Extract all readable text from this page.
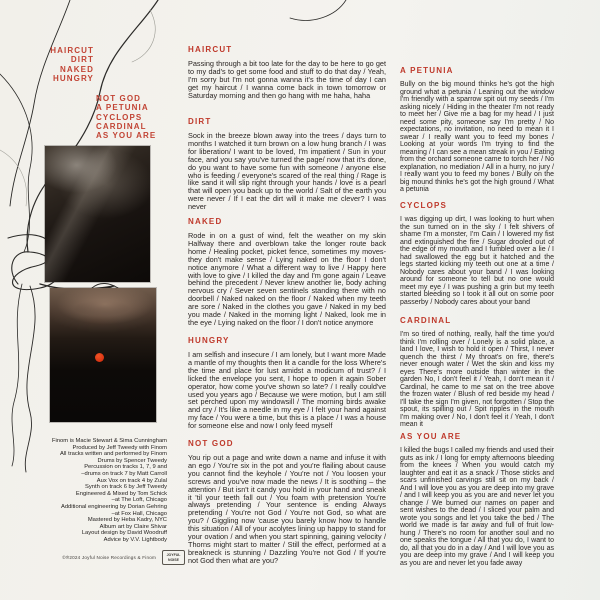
HAIRCUT
DIRT
NAKED
HUNGRY
NOT GOD
A PETUNIA
CYCLOPS
CARDINAL
AS YOU ARE
HAIRCUT

Passing through a bit too late for the day to be here to go get to my dad's to get some food and stuff to do that day / Yeah, I'm sorry but I'm not gonna wanna it's the time of day I can get my haircut / I wanna come back in town tomorrow or Saturday morning and then go hang with me haha, haha

DIRT

Sock in the breeze blown away into the trees / days turn to months I watched it turn brown on a low hung branch / I was for liberation/ I want to be loved, I'm impatient / Sun in your face, and you say you've turned the page/ now that it's done, do you want to have some fun with someone / anyone else who is feeding / everyone's scared of the real thing / Rage is like sand it will slip right through your hands / love is a pearl that will open you back up to the world / Salt of the earth you were never / If I eat the dirt will it make me clever? I was never

NAKED

Rode in on a gust of wind, felt the weather on my skin Halfway there and overblown take the longer route back home / Healing pocket, picket fence, sometimes my moves- they don't make sense / Lying naked on the floor I don't notice anymore / What a different way to live / Happy here with love to give / I killed the day and I'm gone again / Leave behind the precedent / Never knew another lie, body aching nervous cry / Sever seven sentinels standing there with no doorbell / Naked naked on the floor / Naked when my teeth are sore / Naked in the clothes you gave / Naked in my bed you made / Naked in the morning light / Naked, look me in the eye / Lying naked on the floor / I don't notice anymore

HUNGRY

I am selfish and insecure / I am lonely, but I want more Made a mantle of my thoughts then lit a candle for the loss Where's the time and place for lust amidst a modicum of trust? / I licked the envelope you sent, I hope to open it again Sober operator, how come you've shown so late? / I really could've used you years ago / Because we were motion, but I am still set perched upon my windowsill / The morning birds awake and cry / It's like a needle in my eye / I felt your hand against my face / You were a time, but this is a place / I was a house for someone else and now I only feed myself

NOT GOD

You rip out a page and write down a name and infuse it with an ego / You're six in the pot and you're flailing about cause you cannot find the keyhole / You're not / You loosen your screws and you've now made the news / It is soothing – the attention / But isn't it candy you hold in your hand and sneak it 'til your teeth fall out / You foam with pretension You're always pretending / Your sentence is ending Always pretending / You're not God / You're not God, so what are you? / Giggling now 'cause you barely know how to handle this situation / All of your acolytes lining up happy to stand for your ovation / and when you start spinning, gaining velocity / Thorns might start to matter / Still the effect, performed at a breakneck is stunning / Dazzling You're not God / If you're not God then what are you?

A PETUNIA

Bully on the big mound thinks he's got the high ground what a petunia / Leaning out the window I'm friendly with a sparrow spit out my seeds / I'm asking nicely / Hiding in the theater I'm not ready to meet her / Give me a bag for my head / I just need some pity, someone say I'm pretty / No expectations, no invitation, no need to mean it I swear / I really want you to feed my bones / Looking at your words I'm trying to find the meaning / I can see a mean streak in you / Eating from the orchard someone came to torch her / No explanation, no mediation / All in a hurry, no jury / I really want you to feed my bones / Bully on the big mound thinks he's got the high ground / What a petunia

CYCLOPS

I was digging up dirt, I was looking to hurt when the sun turned on in the sky / I felt shivers of shame I'm a monster, I'm Cain / I lowered my fist and extinguished the fire / Sugar drooled out of the edge of my mouth and I fumbled over a lie / I had swallowed the egg but it hatched and the legs started kicking my teeth out one at a time / Nobody cares about your band / I was looking around for someone to tell but no one would meet my eye / I was pushing a grin but my teeth started bleeding so I took it all out on some poor passerby / Nobody cares about your band

CARDINAL

I'm so tired of nothing, really, half the time you'd think I'm rolling over / Lonely is a solid place, a land I love, I wish to hold it open / Thirst, I never quench the thirst / My throat's on fire, there's never enough water / Wet the skin and kiss my eyes There's more outside than winter in the garden No, I don't feel it / Yeah, I don't mean it / Cardinal, he came to me sat on the tree above the frozen water / Blush of red beside my head / I'll take the sign I'm given, not forgotten / Stop the spout, its spilling out / Spit ripples in the mouth I'm making over / No, I don't feel it / Yeah, I don't mean it

AS YOU ARE

I killed the bugs I called my friends and used their guts as ink / I long for empty afternoons bleeding from the knees / When you would catch my laughter and eat it as a snack / Those sticks and scars unfinished carvings still sit on my back / And I will love you as you are deep into my grave / and I will keep you as you are and never let you change / We burned our names on paper and sent wishes to the dead / I sliced your palm and wrote you songs and let you take the bed / The world we made is far away and full of fruit low-hung / There's no room for another soul and no one speaks the tongue / All that you do, I want to do, all that you do in a day / And I will love you as you are deep into my grave / And I will keep you as you are and never let you fade away

Finom is Macie Stewart & Sima Cunningham
Produced by Jeff Tweedy with Finom
All tracks written and performed by Finom
Drums by Spencer Tweedy
Percussion on tracks 1, 7, 9 and
–drums on track 7 by Matt Carroll
Aux Vox on track 4 by Zulal
Synth on track 6 by Jeff Tweedy
Engineered & Mixed by Tom Schick
–at The Loft, Chicago
Additional engineering by Dorian Gehring
–at Fox Hall, Chicago
Mastered by Heba Kadry, NYC
Album art by Claire Shivar
Layout design by David Woodruff
Advice by V.V. Lightbody
©℗2024 Joyful Noise Recordings & Finom	JOYFUL NOISE
